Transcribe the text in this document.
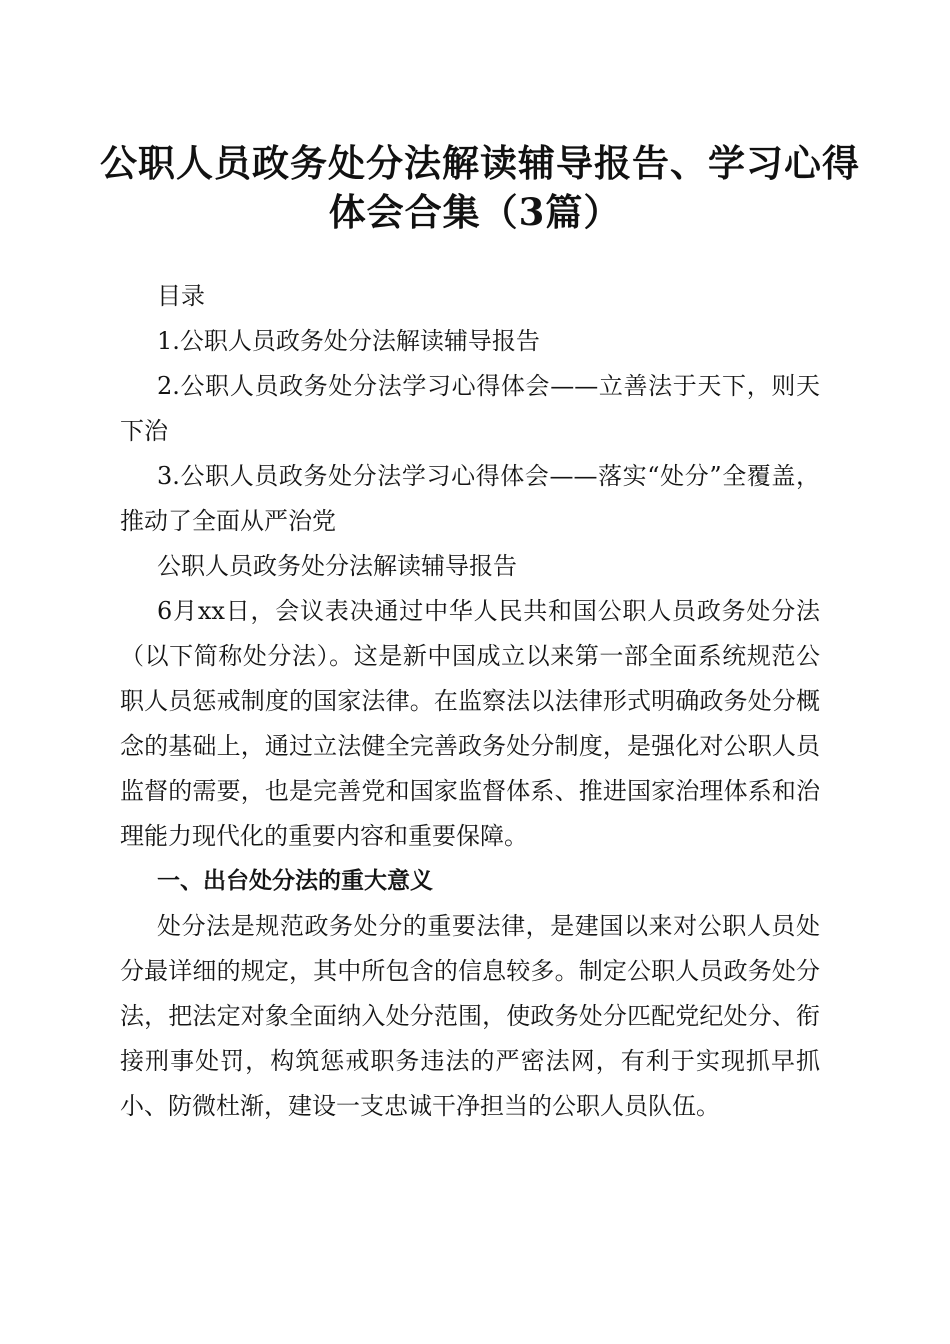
公职人员政务处分法解读辅导报告、学习心得
体会合集（3篇）

目录

1.公职人员政务处分法解读辅导报告

2.公职人员政务处分法学习心得体会——立善法于天下，则天下治

3.公职人员政务处分法学习心得体会——落实“处分”全覆盖，推动了全面从严治党

公职人员政务处分法解读辅导报告

6月xx日，会议表决通过中华人民共和国公职人员政务处分法（以下简称处分法）。这是新中国成立以来第一部全面系统规范公职人员惩戒制度的国家法律。在监察法以法律形式明确政务处分概念的基础上，通过立法健全完善政务处分制度，是强化对公职人员监督的需要，也是完善党和国家监督体系、推进国家治理体系和治理能力现代化的重要内容和重要保障。

一、出台处分法的重大意义

处分法是规范政务处分的重要法律，是建国以来对公职人员处分最详细的规定，其中所包含的信息较多。制定公职人员政务处分法，把法定对象全面纳入处分范围，使政务处分匹配党纪处分、衔接刑事处罚，构筑惩戒职务违法的严密法网，有利于实现抓早抓小、防微杜渐，建设一支忠诚干净担当的公职人员队伍。
